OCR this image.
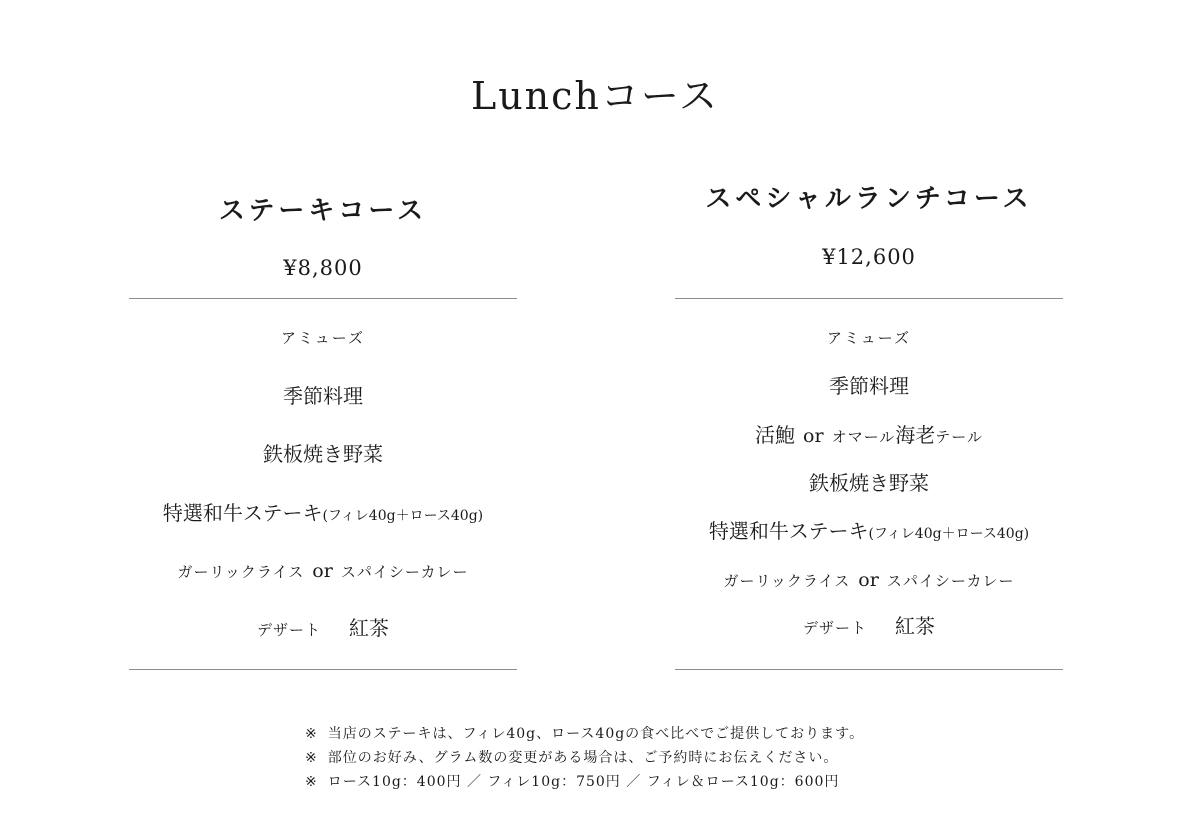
Lunchコース
ステーキコース
¥8,800
アミューズ
季節料理
鉄板焼き野菜
特選和牛ステーキ(フィレ40g＋ロース40g)
ガーリックライス or スパイシーカレー
デザート 紅茶
スペシャルランチコース
¥12,600
アミューズ
季節料理
活鮑 or オマール海老テール
鉄板焼き野菜
特選和牛ステーキ(フィレ40g＋ロース40g)
ガーリックライス or スパイシーカレー
デザート 紅茶
※ 当店のステーキは、フィレ40g、ロース40gの食べ比べでご提供しております。
※ 部位のお好み、グラム数の変更がある場合は、ご予約時にお伝えください。
※ ロース10g：400円 ／ フィレ10g：750円 ／ フィレ＆ロース10g：600円
